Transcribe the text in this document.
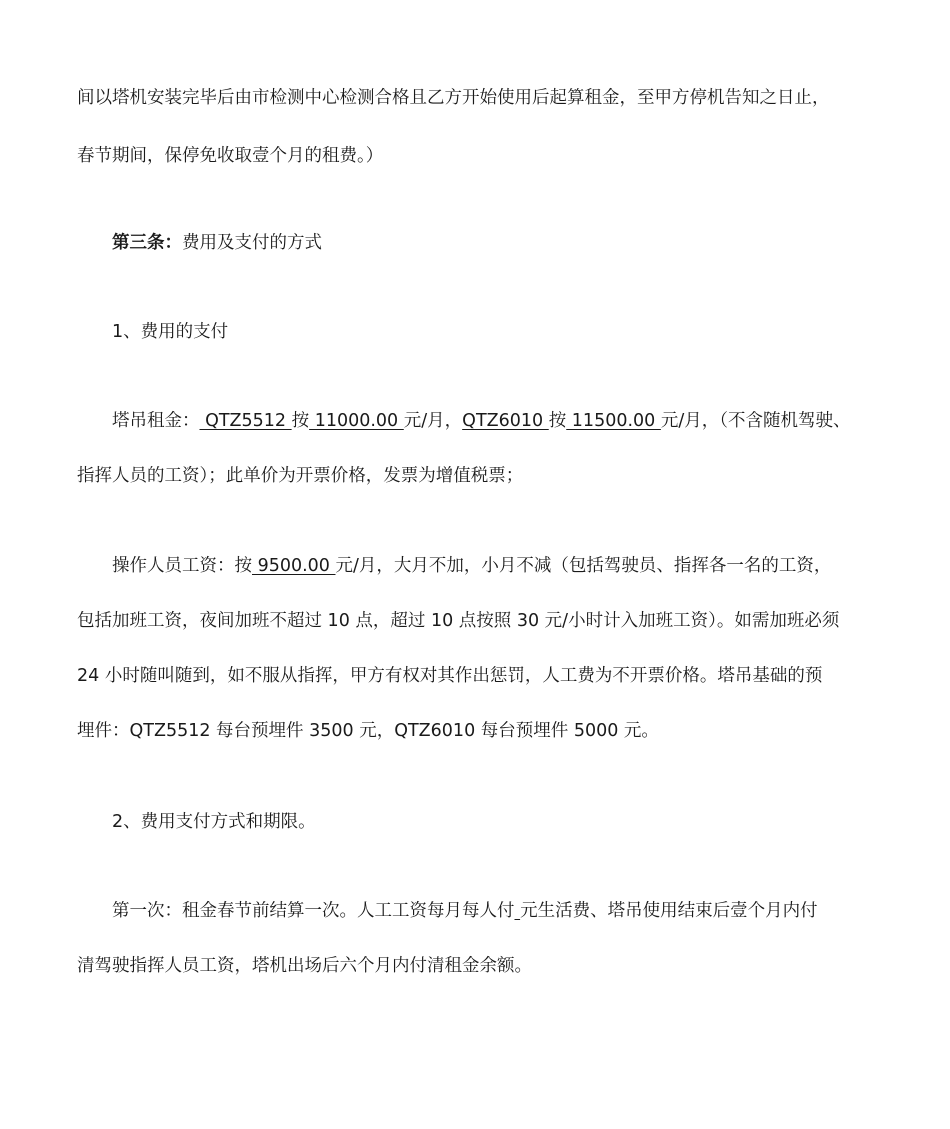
间以塔机安装完毕后由市检测中心检测合格且乙方开始使用后起算租金，至甲方停机告知之日止，
春节期间，保停免收取壹个月的租费。）
第三条：费用及支付的方式
1、费用的支付
塔吊租金： QTZ5512 按 11000.00 元/月，QTZ6010 按 11500.00 元/月，（不含随机驾驶、
指挥人员的工资）；此单价为开票价格，发票为增值税票；
操作人员工资：按 9500.00 元/月，大月不加，小月不减（包括驾驶员、指挥各一名的工资，
包括加班工资，夜间加班不超过 10 点，超过 10 点按照 30 元/小时计入加班工资）。如需加班必须
24 小时随叫随到，如不服从指挥，甲方有权对其作出惩罚，人工费为不开票价格。塔吊基础的预
埋件：QTZ5512 每台预埋件 3500 元，QTZ6010 每台预埋件 5000 元。
2、费用支付方式和期限。
第一次：租金春节前结算一次。人工工资每月每人付 元生活费、塔吊使用结束后壹个月内付
清驾驶指挥人员工资，塔机出场后六个月内付清租金余额。
